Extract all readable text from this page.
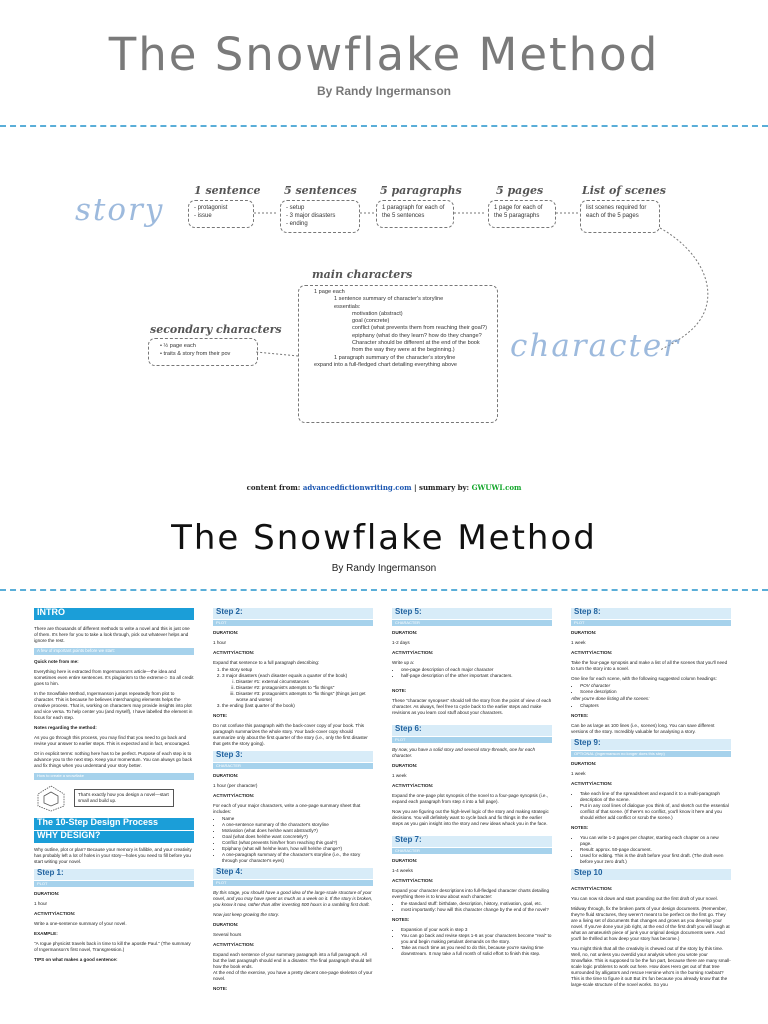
The Snowflake Method
By Randy Ingermanson
story
1 sentence
- protagonist
- issue
5 sentences
- setup
- 3 major disasters
- ending
5 paragraphs
1 paragraph for each of the 5 sentences
5 pages
1 page for each of the 5 paragraphs
List of scenes
list scenes required for each of the 5 pages
main characters
1 page each
1 sentence summary of character's storyline
essentials:
motivation (abstract)
goal (concrete)
conflict (what prevents them from reaching their goal?)
epiphany (what do they learn? how do they change? Character should be different at the end of the book from the way they were at the beginning.)
1 paragraph summary of the character's storyline
expand into a full-fledged chart detailing everything above
secondary characters
• ½ page each
• traits & story from their pov	character
content from: advancedfictionwriting.com | summary by: GWUWI.com
The Snowflake Method
By Randy Ingermanson
INTRO

There are thousands of different methods to write a novel and this is just one of them. It's here for you to take a look through, pick out whatever helps and ignore the rest.

A few of important points before we start:

Quick note from me:

Everything here is extracted from Ingermanson's article—the idea and sometimes even entire sentences. It's plagiarism to the extreme☺ So all credit goes to him.

In the Snowflake Method, Ingermanson jumps repeatedly from plot to character. This is because he believes interchanging elements helps the creative process. That is, working on characters may provide insights into plot and vice versa. To help center you (and myself), I have labelled the element in focus for each step.

Notes regarding the method:

As you go through this process, you may find that you need to go back and revise your answer to earlier steps. This is expected and in fact, encouraged.

Or in explicit terms: nothing here has to be perfect. Purpose of each step is to advance you to the next step. Keep your momentum. You can always go back and fix things when you understand your story better.

How to create a snowflake
That's exactly how you design a novel—start small and build up.
The 10-Step Design Process
WHY DESIGN?

Why outline, plot or plan? Because your memory is fallible, and your creativity has probably left a lot of holes in your story—holes you need to fill before you start writing your novel.

Step 1:
PLOT

DURATION:

1 hour

ACTIVITY/ACTION:

Write a one-sentence summary of your novel.

EXAMPLE:

"A rogue physicist travels back in time to kill the apostle Paul." (The summary of Ingermanson's first novel, Transgression.)

TIPS on what makes a good sentence:

Step 2:
PLOT

DURATION:

1 hour

ACTIVITY/ACTION:

Expand that sentence to a full paragraph describing:

1. the story setup
2. 3 major disasters (each disaster equals a quarter of the book)
i. Disaster #1: external circumstances
ii. Disaster #2: protagonist's attempts to "fix things"
iii. Disaster #3: protagonist's attempts to "fix things" (things just get worse and worse)
3. the ending (last quarter of the book)

NOTE:

Do not confuse this paragraph with the back-cover copy of your book. This paragraph summarizes the whole story. Your back-cover copy should summarize only about the first quarter of the story (i.e., only the first disaster that gets the story going).

Step 3:
CHARACTER

DURATION:

1 hour (per character)

ACTIVITY/ACTION:

For each of your major characters, write a one-page summary sheet that includes:

• Name
• A one-sentence summary of the character's storyline
• Motivation (what does he/she want abstractly?)
• Goal (what does he/she want concretely?)
• Conflict (what prevents him/her from reaching this goal?)
• Epiphany (what will he/she learn, how will he/she change?)
• A one-paragraph summary of the character's storyline (i.e., the story through your character's eyes)
Step 4:
PLOT

By this stage, you should have a good idea of the large-scale structure of your novel, and you may have spent as much as a week on it. If the story is broken, you know it now, rather than after investing 500 hours in a rambling first draft.

Now just keep growing the story.

DURATION:

Several hours

ACTIVITY/ACTION:

Expand each sentence of your summary paragraph into a full paragraph. All but the last paragraph should end in a disaster. The final paragraph should tell how the book ends.

At the end of the exercise, you have a pretty decent one-page skeleton of your novel.

NOTE:

Step 5:
CHARACTER

DURATION:

1-2 days

ACTIVITY/ACTION:

Write up a:

• one-page description of each major character
• half-page description of the other important characters.

NOTE:

These "character synopses" should tell the story from the point of view of each character. As always, feel free to cycle back to the earlier steps and make revisions as you learn cool stuff about your characters.

Step 6:
PLOT

By now, you have a solid story and several story-threads, one for each character.

DURATION:

1 week

ACTIVITY/ACTION:

Expand the one-page plot synopsis of the novel to a four-page synopsis (i.e., expand each paragraph from step 4 into a full page).

Now you are figuring out the high-level logic of the story and making strategic decisions. You will definitely want to cycle back and fix things in the earlier steps as you gain insight into the story and new ideas whack you in the face.

Step 7:
CHARACTER

DURATION:

1-4 weeks

ACTIVITY/ACTION:

Expand your character descriptions into full-fledged character charts detailing everything there is to know about each character:

• the standard stuff: birthdate, description, history, motivation, goal, etc.
• most importantly: how will this character change by the end of the novel?

NOTES:

• Expansion of your work in step 3
• You can go back and revise steps 1-6 as your characters become "real" to you and begin making petulant demands on the story.
• Take as much time as you need to do this, because you're saving time downstream. It may take a full month of solid effort to finish this step.
Step 8:
PLOT

DURATION:

1 week

ACTIVITY/ACTION:

Take the four-page synopsis and make a list of all the scenes that you'll need to turn the story into a novel.

One line for each scene, with the following suggested column headings:

• POV character
• Scene description

After you're done listing all the scenes:

• Chapters

NOTES:

Can be as large as 100 lines (i.e., scenes) long. You can save different versions of the story. Incredibly valuable for analysing a story.

Step 9:
OPTIONAL (Ingermanson no longer does this step)

DURATION:

1 week

ACTIVITY/ACTION:

• Take each line of the spreadsheet and expand it to a multi-paragraph description of the scene.
• Put in any cool lines of dialogue you think of, and sketch out the essential conflict of that scene. (If there's no conflict, you'll know it here and you should either add conflict or scrub the scene.)

NOTES:

• You can write 1-2 pages per chapter, starting each chapter on a new page.
• Result: approx. 50-page document.
• Used for editing. This is the draft before your first draft. (The draft even before your zero draft.)
Step 10

ACTIVITY/ACTION:

You can now sit down and start pounding out the first draft of your novel.

Midway through, fix the broken parts of your design documents. (Remember, they're fluid structures, they weren't meant to be perfect on the first go. They are a living set of documents that changes and grows as you develop your novel. If you've done your job right, at the end of the first draft you will laugh at what an amateurish piece of junk your original design documents were. And you'll be thrilled at how deep your story has become.)

You might think that all the creativity is chewed out of the story by this time. Well, no, not unless you overdid your analysis when you wrote your Snowflake. This is supposed to be the fun part, because there are many small-scale logic problems to work out here. How does Hero get out of that tree surrounded by alligators and rescue Heroine who's in the burning rowboat? This is the time to figure it out! But it's fun because you already know that the large-scale structure of the novel works. So you
